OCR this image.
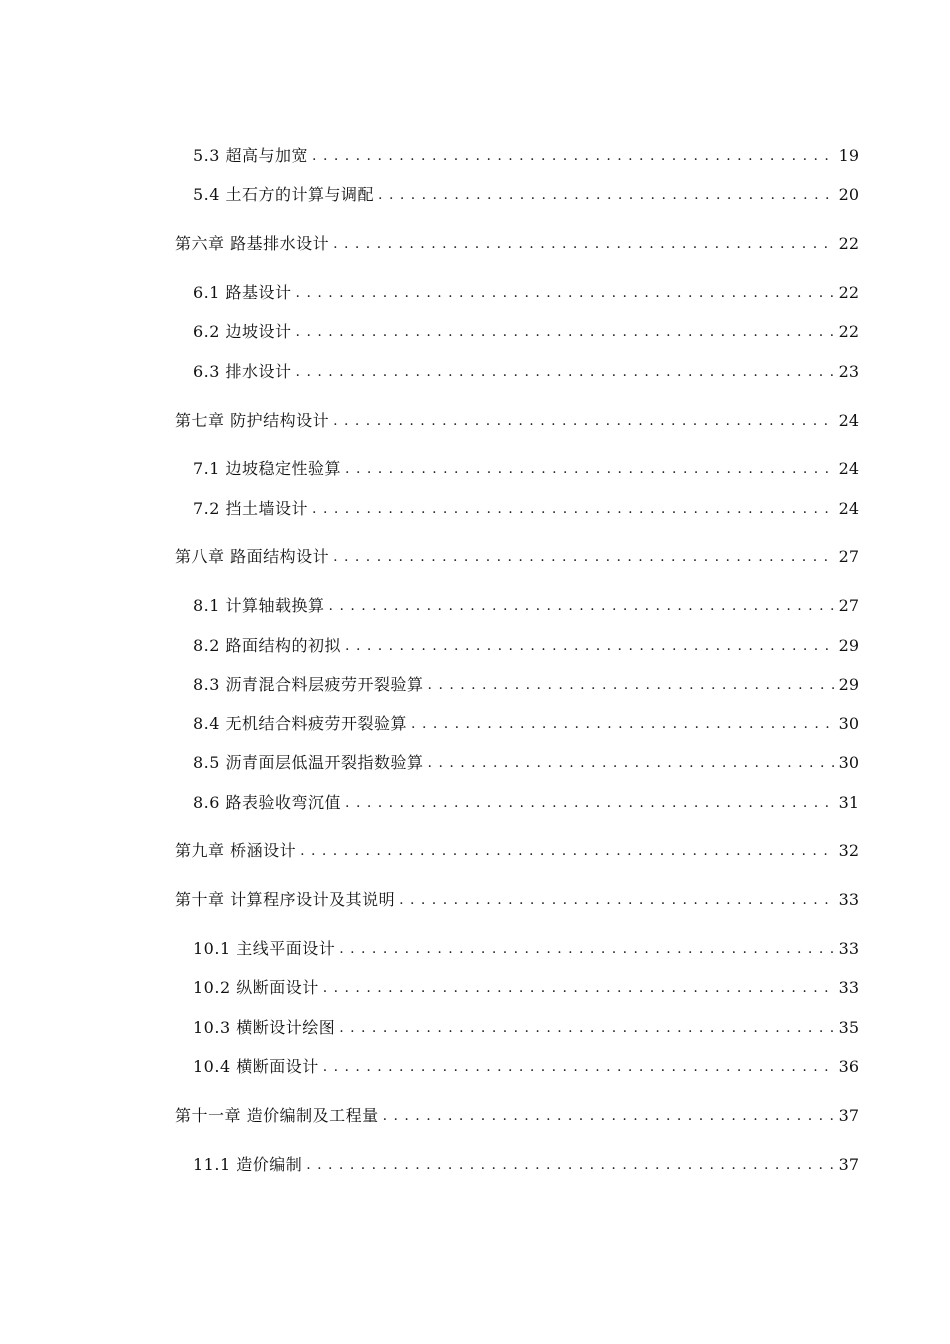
5.3 超高与加宽 . . .	19
5.4 土石方的计算与调配 . . .	20
第六章 路基排水设计 . . .	22
6.1 路基设计 . . .	22
6.2 边坡设计 . . .	22
6.3 排水设计 . . .	23
第七章 防护结构设计 . . .	24
7.1 边坡稳定性验算 . . .	24
7.2 挡土墙设计 . . .	24
第八章 路面结构设计 . . .	27
8.1 计算轴载换算 . . .	27
8.2 路面结构的初拟 . . .	29
8.3 沥青混合料层疲劳开裂验算 . . .	29
8.4 无机结合料疲劳开裂验算 . . .	30
8.5 沥青面层低温开裂指数验算 . . .	30
8.6 路表验收弯沉值 . . .	31
第九章 桥涵设计 . . .	32
第十章 计算程序设计及其说明 . . .	33
10.1 主线平面设计 . . .	33
10.2 纵断面设计 . . .	33
10.3 横断设计绘图 . . .	35
10.4 横断面设计 . . .	36
第十一章 造价编制及工程量 . . .	37
11.1 造价编制 . . .	37
